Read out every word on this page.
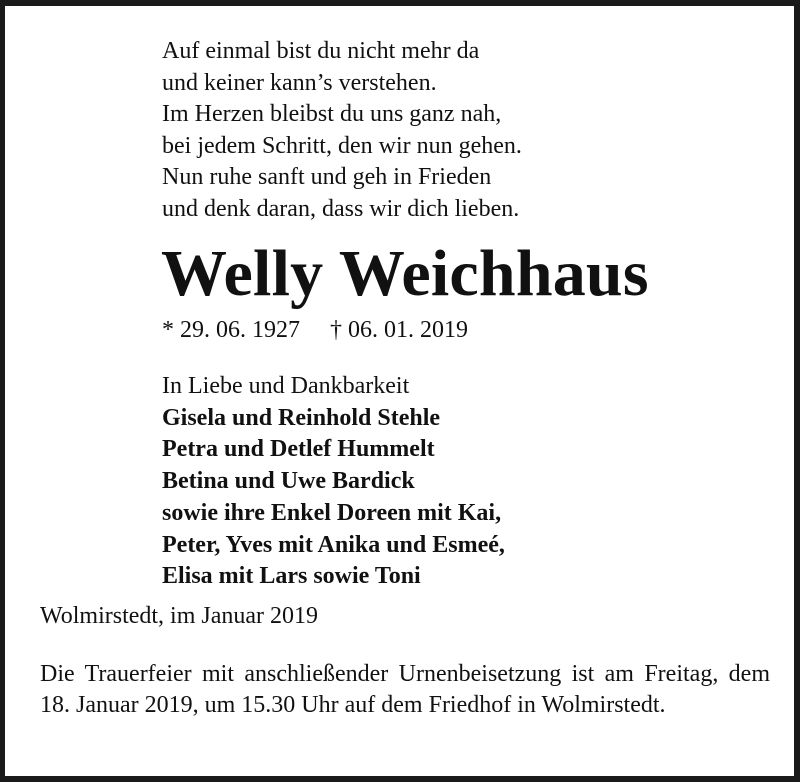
Auf einmal bist du nicht mehr da
und keiner kann’s verstehen.
Im Herzen bleibst du uns ganz nah,
bei jedem Schritt, den wir nun gehen.
Nun ruhe sanft und geh in Frieden
und denk daran, dass wir dich lieben.
Welly Weichhaus
* 29. 06. 1927 † 06. 01. 2019
In Liebe und Dankbarkeit
Gisela und Reinhold Stehle
Petra und Detlef Hummelt
Betina und Uwe Bardick
sowie ihre Enkel Doreen mit Kai,
Peter, Yves mit Anika und Esmeé,
Elisa mit Lars sowie Toni
Wolmirstedt, im Januar 2019

Die Trauerfeier mit anschließender Urnenbeisetzung ist am Freitag, dem 18. Januar 2019, um 15.30 Uhr auf dem Friedhof in Wolmirstedt.
